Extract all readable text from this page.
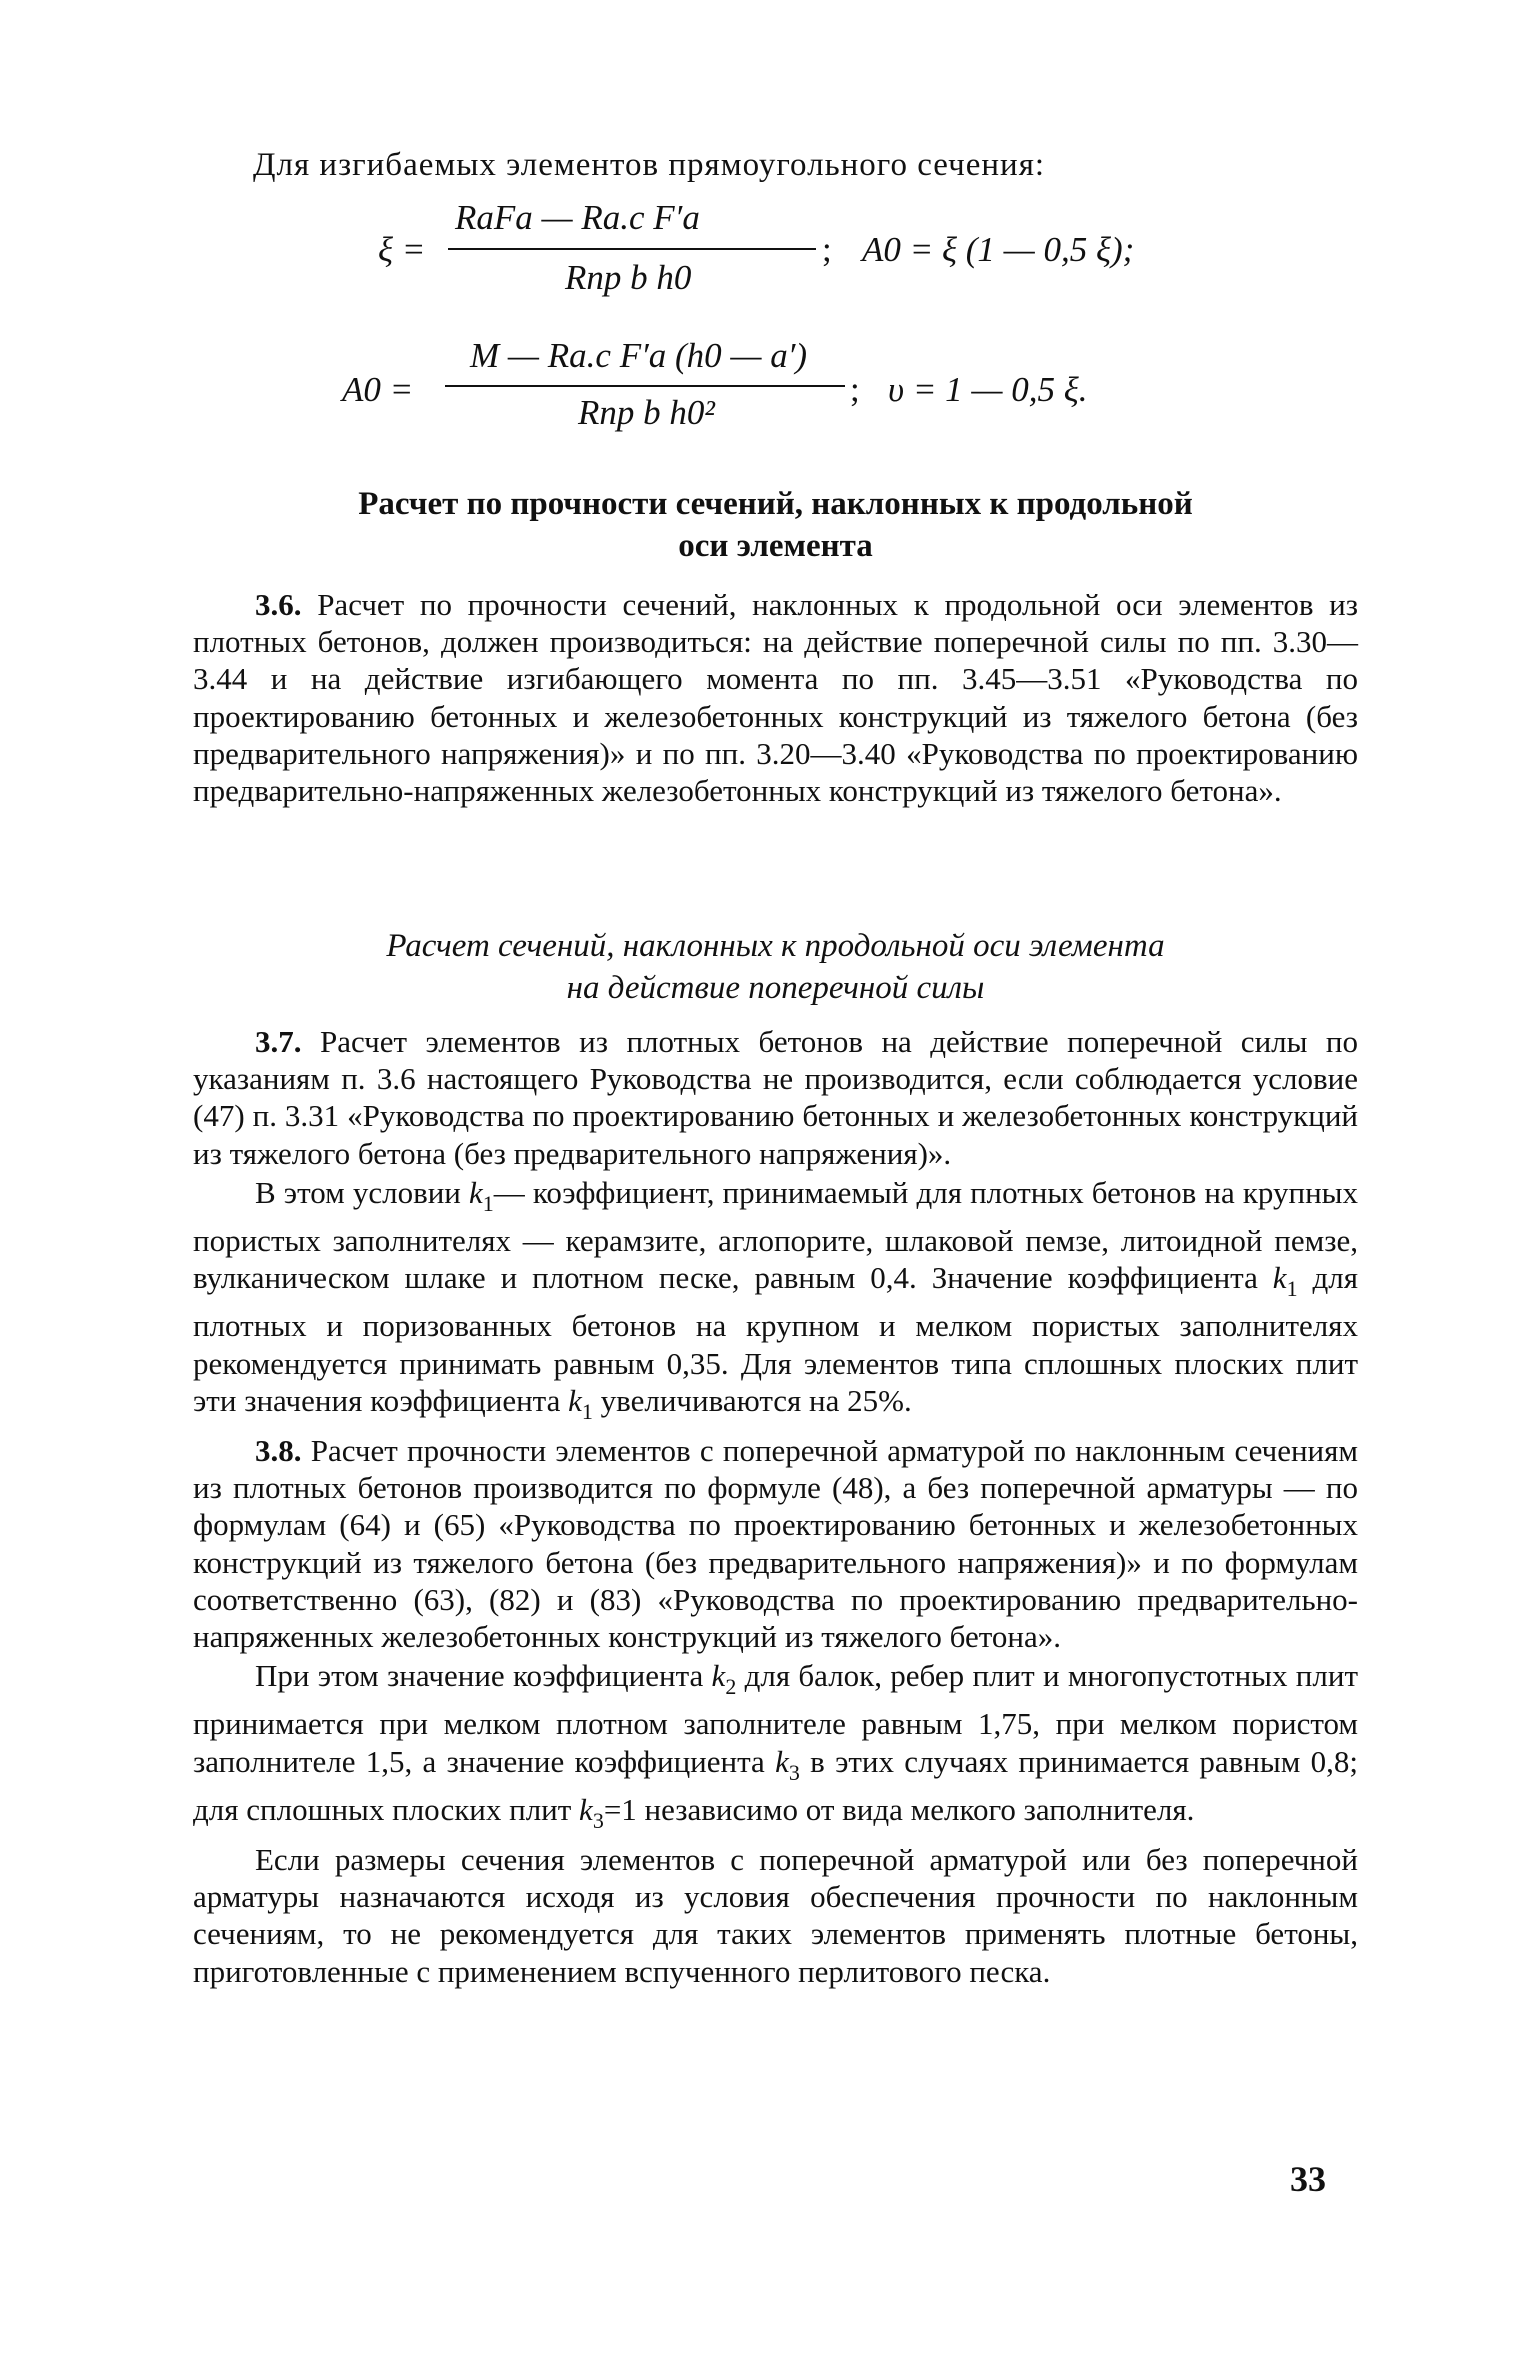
Для изгибаемых элементов прямоугольного сечения:
ξ =
RаFа — Rа.с F′а
Rпр b h0
; A0 = ξ (1 — 0,5 ξ);
A0 =
M — Rа.с F′а (h0 — a′)
Rпр b h0²
; υ = 1 — 0,5 ξ.
Расчет по прочности сечений, наклонных к продольной
оси элемента

3.6. Расчет по прочности сечений, наклонных к продольной оси элементов из плотных бетонов, должен производиться: на действие поперечной силы по пп. 3.30—3.44 и на действие изгибающего момента по пп. 3.45—3.51 «Руководства по проектированию бетонных и железобетонных конструкций из тяжелого бетона (без предварительного напряжения)» и по пп. 3.20—3.40 «Руководства по проектированию предварительно-напряженных железобетонных конструкций из тяжелого бетона».

Расчет сечений, наклонных к продольной оси элемента
на действие поперечной силы

3.7. Расчет элементов из плотных бетонов на действие поперечной силы по указаниям п. 3.6 настоящего Руководства не производится, если соблюдается условие (47) п. 3.31 «Руководства по проектированию бетонных и железобетонных конструкций из тяжелого бетона (без предварительного напряжения)».

В этом условии $k_1—$ коэффициент, принимаемый для плотных бетонов на крупных пористых заполнителях — керамзите, аглопорите, шлаковой пемзе, литоидной пемзе, вулканическом шлаке и плотном песке, равным 0,4. Значение коэффициента $k_1$ для плотных и поризованных бетонов на крупном и мелком пористых заполнителях рекомендуется принимать равным 0,35. Для элементов типа сплошных плоских плит эти значения коэффициента $k_1$ увеличиваются на 25%.

3.8. Расчет прочности элементов с поперечной арматурой по наклонным сечениям из плотных бетонов производится по формуле (48), а без поперечной арматуры — по формулам (64) и (65) «Руководства по проектированию бетонных и железобетонных конструкций из тяжелого бетона (без предварительного напряжения)» и по формулам соответственно (63), (82) и (83) «Руководства по проектированию предварительно-напряженных железобетонных конструкций из тяжелого бетона».

При этом значение коэффициента $k_2$ для балок, ребер плит и многопустотных плит принимается при мелком плотном заполнителе равным 1,75, при мелком пористом заполнителе 1,5, а значение коэффициента $k_3$ в этих случаях принимается равным 0,8; для сплошных плоских плит $k_3=1$ независимо от вида мелкого заполнителя.

Если размеры сечения элементов с поперечной арматурой или без поперечной арматуры назначаются исходя из условия обеспечения прочности по наклонным сечениям, то не рекомендуется для таких элементов применять плотные бетоны, приготовленные с применением вспученного перлитового песка.

33
